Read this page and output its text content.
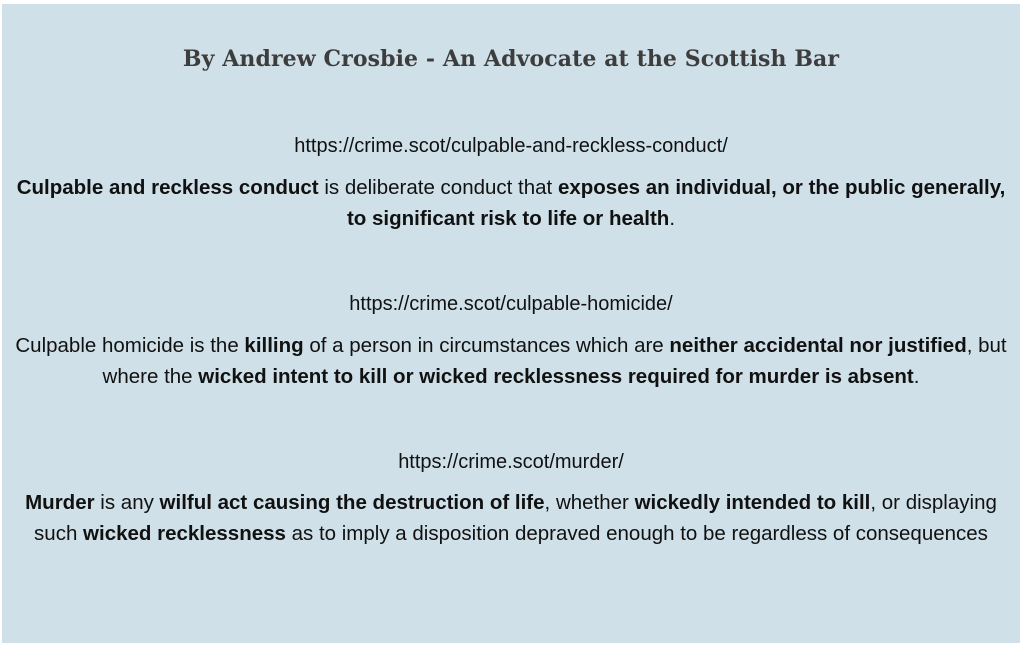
By Andrew Crosbie - An Advocate at the Scottish Bar
https://crime.scot/culpable-and-reckless-conduct/
Culpable and reckless conduct is deliberate conduct that exposes an individual, or the public generally, to significant risk to life or health.
https://crime.scot/culpable-homicide/
Culpable homicide is the killing of a person in circumstances which are neither accidental nor justified, but where the wicked intent to kill or wicked recklessness required for murder is absent.
https://crime.scot/murder/
Murder is any wilful act causing the destruction of life, whether wickedly intended to kill, or displaying such wicked recklessness as to imply a disposition depraved enough to be regardless of consequences
